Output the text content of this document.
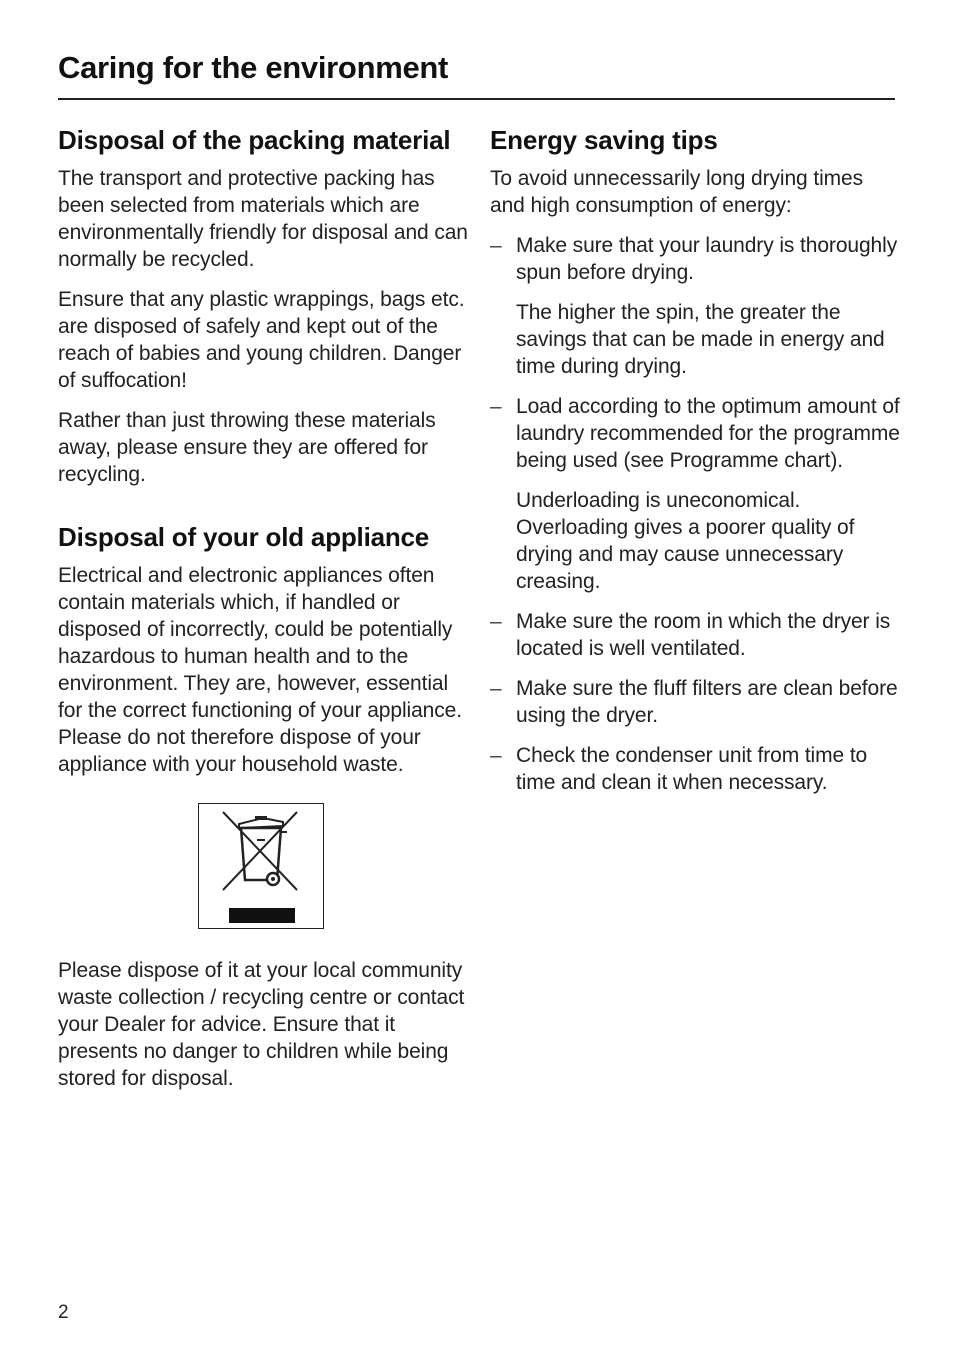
Caring for the environment
Disposal of the packing material

The transport and protective packing has been selected from materials which are environmentally friendly for disposal and can normally be recycled.

Ensure that any plastic wrappings, bags etc. are disposed of safely and kept out of the reach of babies and young children. Danger of suffocation!

Rather than just throwing these materials away, please ensure they are offered for recycling.

Disposal of your old appliance

Electrical and electronic appliances often contain materials which, if handled or disposed of incorrectly, could be potentially hazardous to human health and to the environment. They are, however, essential for the correct functioning of your appliance. Please do not therefore dispose of your appliance with your household waste.

Please dispose of it at your local community waste collection / recycling centre or contact your Dealer for advice. Ensure that it presents no danger to children while being stored for disposal.

Energy saving tips

To avoid unnecessarily long drying times and high consumption of energy:

– Make sure that your laundry is thoroughly spun before drying.

The higher the spin, the greater the savings that can be made in energy and time during drying.

– Load according to the optimum amount of laundry recommended for the programme being used (see Programme chart).

Underloading is uneconomical. Overloading gives a poorer quality of drying and may cause unnecessary creasing.

– Make sure the room in which the dryer is located is well ventilated.

– Make sure the fluff filters are clean before using the dryer.

– Check the condenser unit from time to time and clean it when necessary.

2
